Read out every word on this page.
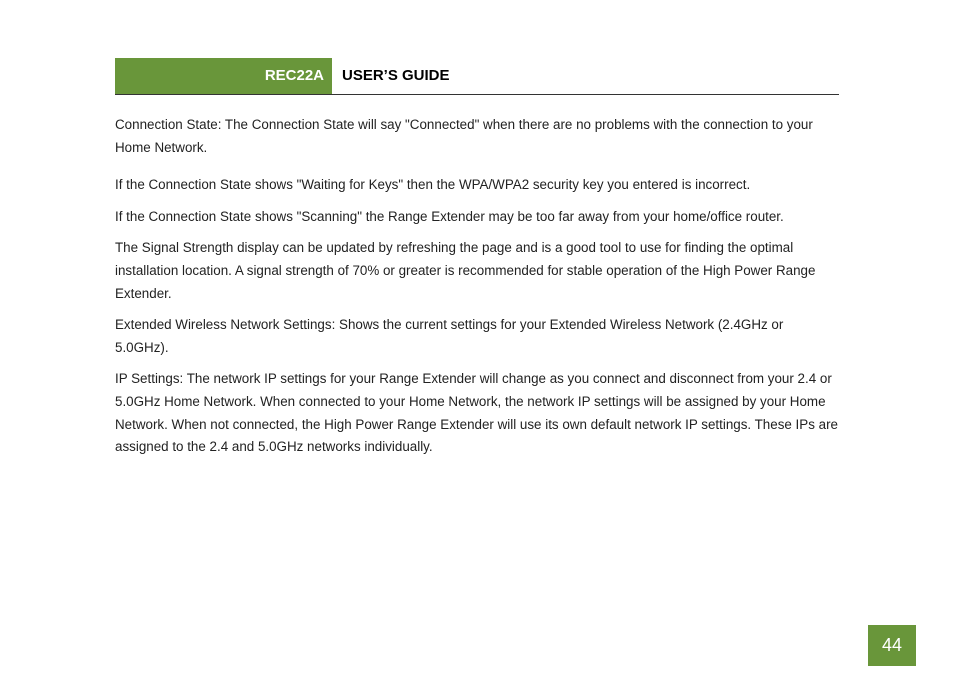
REC22A USER’S GUIDE

Connection State: The Connection State will say "Connected" when there are no problems with the connection to your Home Network.

If the Connection State shows "Waiting for Keys" then the WPA/WPA2 security key you entered is incorrect.

If the Connection State shows "Scanning" the Range Extender may be too far away from your home/office router.

The Signal Strength display can be updated by refreshing the page and is a good tool to use for finding the optimal installation location. A signal strength of 70% or greater is recommended for stable operation of the High Power Range Extender.

Extended Wireless Network Settings: Shows the current settings for your Extended Wireless Network (2.4GHz or 5.0GHz).

IP Settings: The network IP settings for your Range Extender will change as you connect and disconnect from your 2.4 or 5.0GHz Home Network. When connected to your Home Network, the network IP settings will be assigned by your Home Network. When not connected, the High Power Range Extender will use its own default network IP settings. These IPs are assigned to the 2.4 and 5.0GHz networks individually.

44
